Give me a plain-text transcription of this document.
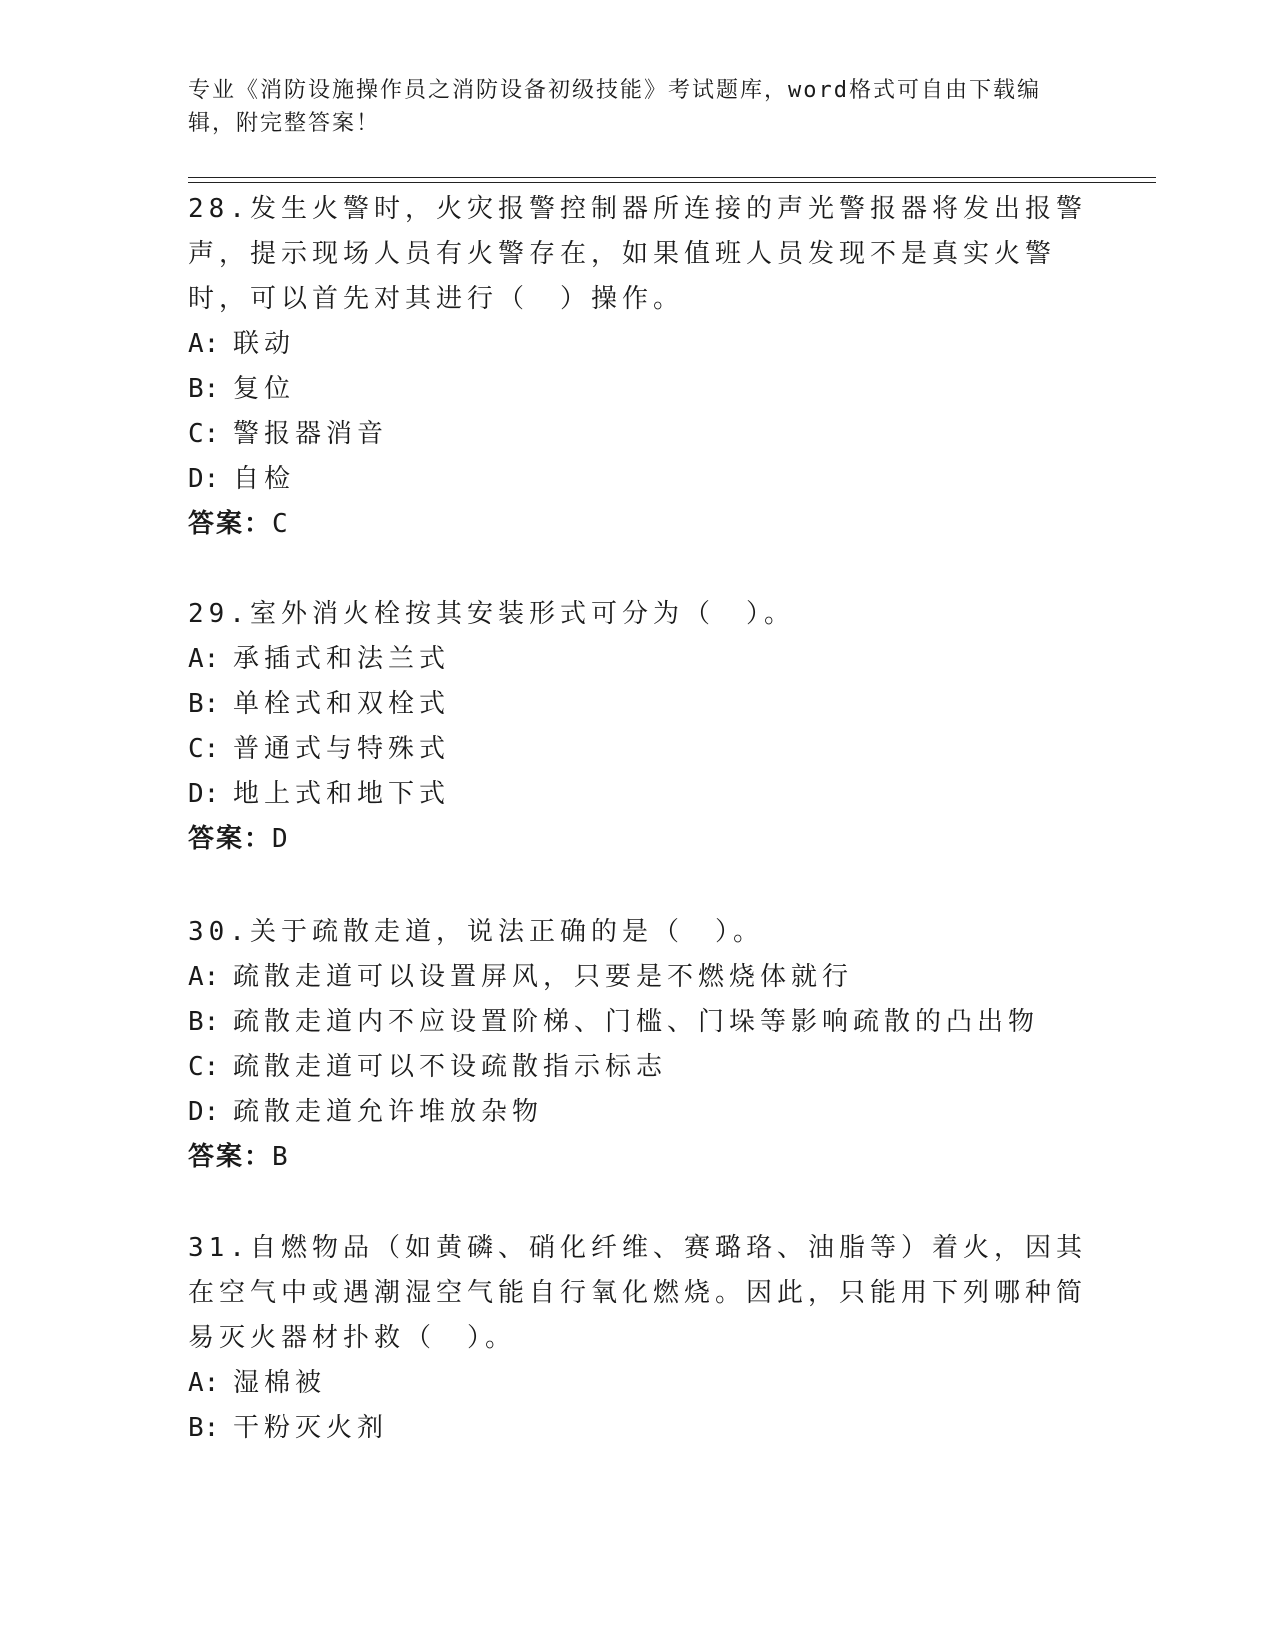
专业《消防设施操作员之消防设备初级技能》考试题库，word格式可自由下载编辑，附完整答案！

28.发生火警时，火灾报警控制器所连接的声光警报器将发出报警声，提示现场人员有火警存在，如果值班人员发现不是真实火警时，可以首先对其进行（　）操作。

A: 联动
B: 复位
C: 警报器消音
D: 自检
答案：C

29.室外消火栓按其安装形式可分为（　）。

A: 承插式和法兰式
B: 单栓式和双栓式
C: 普通式与特殊式
D: 地上式和地下式
答案：D

30.关于疏散走道，说法正确的是（　）。

A: 疏散走道可以设置屏风，只要是不燃烧体就行
B: 疏散走道内不应设置阶梯、门槛、门垛等影响疏散的凸出物
C: 疏散走道可以不设疏散指示标志
D: 疏散走道允许堆放杂物
答案：B

31.自燃物品（如黄磷、硝化纤维、赛璐珞、油脂等）着火，因其在空气中或遇潮湿空气能自行氧化燃烧。因此，只能用下列哪种简易灭火器材扑救（　）。

A: 湿棉被
B: 干粉灭火剂
